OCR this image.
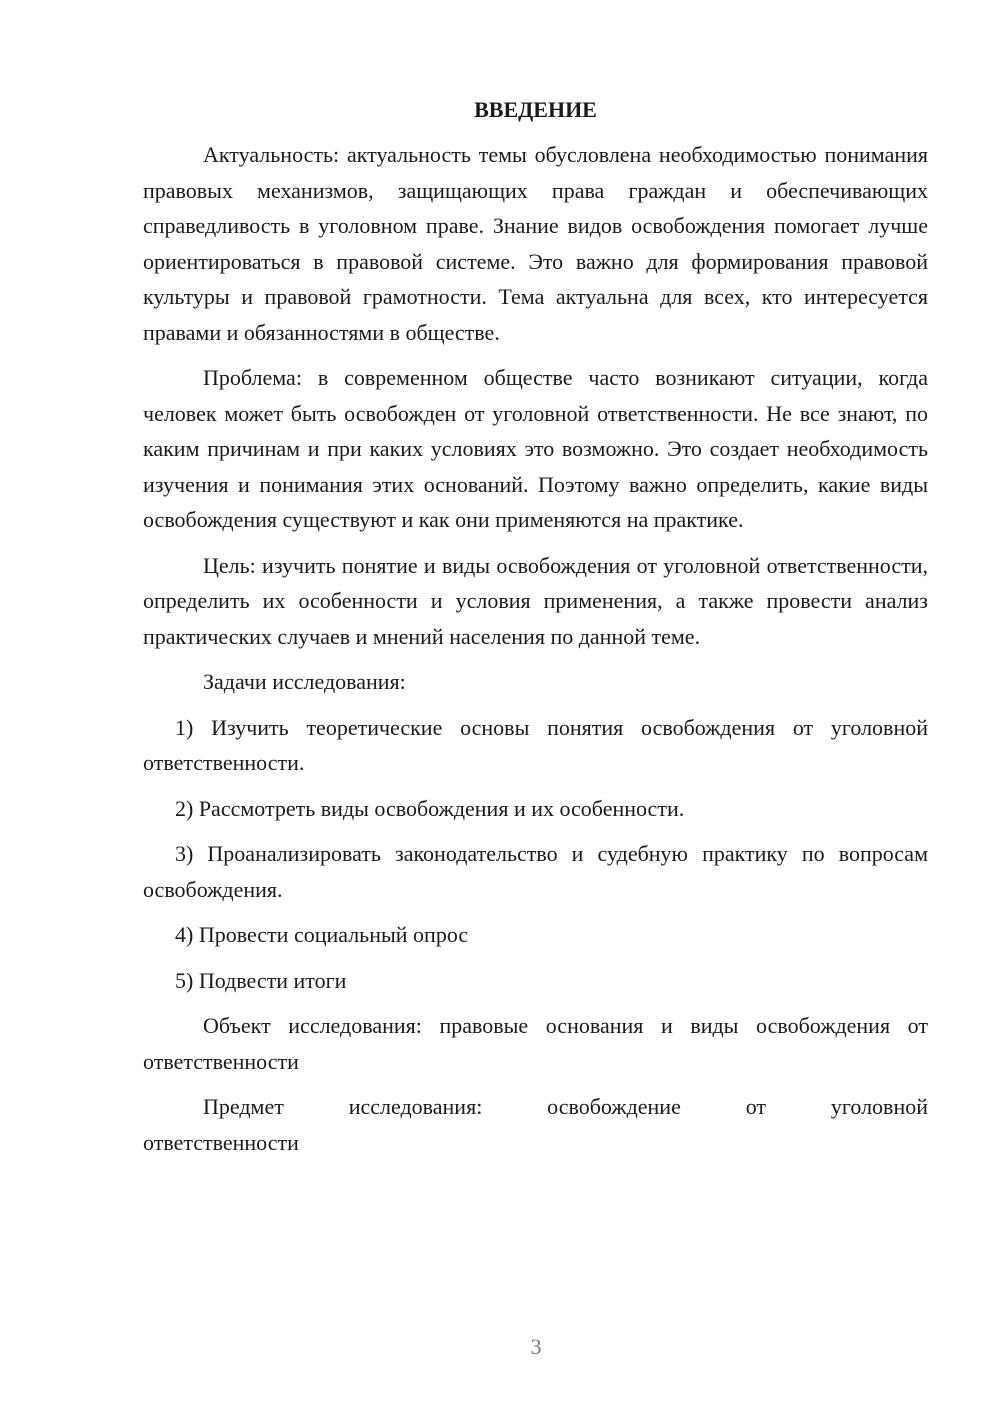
ВВЕДЕНИЕ

Актуальность: актуальность темы обусловлена необходимостью понимания правовых механизмов, защищающих права граждан и обеспечивающих справедливость в уголовном праве. Знание видов освобождения помогает лучше ориентироваться в правовой системе. Это важно для формирования правовой культуры и правовой грамотности. Тема актуальна для всех, кто интересуется правами и обязанностями в обществе.

Проблема: в современном обществе часто возникают ситуации, когда человек может быть освобожден от уголовной ответственности. Не все знают, по каким причинам и при каких условиях это возможно. Это создает необходимость изучения и понимания этих оснований. Поэтому важно определить, какие виды освобождения существуют и как они применяются на практике.

Цель: изучить понятие и виды освобождения от уголовной ответственности, определить их особенности и условия применения, а также провести анализ практических случаев и мнений населения по данной теме.

Задачи исследования:

1) Изучить теоретические основы понятия освобождения от уголовной ответственности.

2) Рассмотреть виды освобождения и их особенности.

3) Проанализировать законодательство и судебную практику по вопросам освобождения.

4) Провести социальный опрос

5) Подвести итоги

Объект исследования: правовые основания и виды освобождения от ответственности

Предмет исследования: освобождение от уголовной
ответственности
3
